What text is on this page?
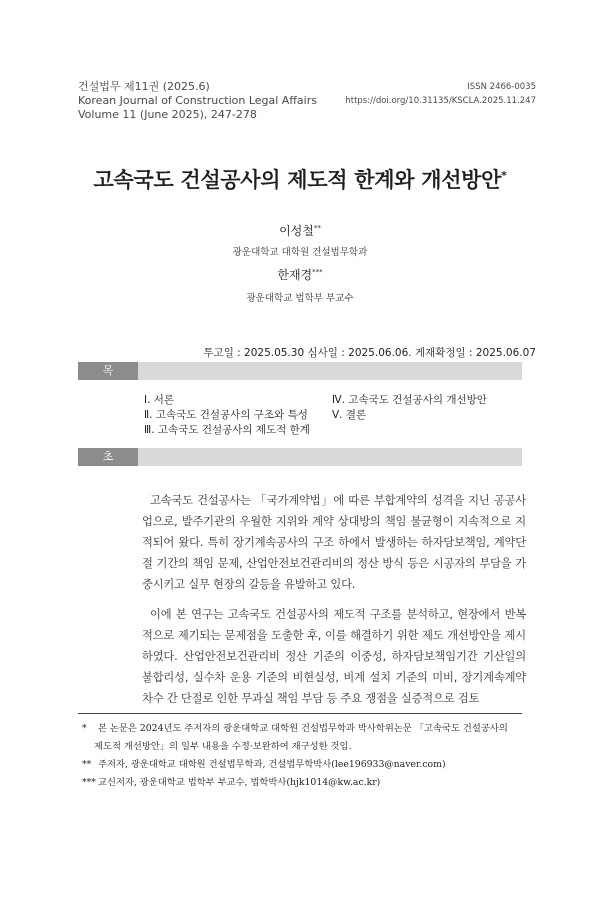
건설법무 제11권 (2025.6)
Korean Journal of Construction Legal Affairs
Volume 11 (June 2025), 247-278
ISSN 2466-0035
https://doi.org/10.31135/KSCLA.2025.11.247
고속국도 건설공사의 제도적 한계와 개선방안*
이성철**
광운대학교 대학원 건설법무학과
한재경***
광운대학교 법학부 부교수
투고일 : 2025.05.30 심사일 : 2025.06.06. 게재확정일 : 2025.06.07
목 차
Ⅰ. 서론
Ⅱ. 고속국도 건설공사의 구조와 특성
Ⅲ. 고속국도 건설공사의 제도적 한계
Ⅳ. 고속국도 건설공사의 개선방안
Ⅴ. 결론
초 록

고속국도 건설공사는 「국가계약법」에 따른 부합계약의 성격을 지닌 공공사업으로, 발주기관의 우월한 지위와 계약 상대방의 책임 불균형이 지속적으로 지적되어 왔다. 특히 장기계속공사의 구조 하에서 발생하는 하자담보책임, 계약단절 기간의 책임 문제, 산업안전보건관리비의 정산 방식 등은 시공자의 부담을 가중시키고 실무 현장의 갈등을 유발하고 있다.

이에 본 연구는 고속국도 건설공사의 제도적 구조를 분석하고, 현장에서 반복적으로 제기되는 문제점을 도출한 후, 이를 해결하기 위한 제도 개선방안을 제시하였다. 산업안전보건관리비 정산 기준의 이중성, 하자담보책임기간 기산일의 불합리성, 실수차 운용 기준의 비현실성, 비계 설치 기준의 미비, 장기계속계약 차수 간 단절로 인한 무과실 책임 부담 등 주요 쟁점을 실증적으로 검토

* 본 논문은 2024년도 주저자의 광운대학교 대학원 건설법무학과 박사학위논문 「고속국도 건설공사의
제도적 개선방안」의 일부 내용을 수정·보완하여 재구성한 것임.
** 주저자, 광운대학교 대학원 건설법무학과, 건설법무학박사(lee196933@naver.com)
*** 교신저자, 광운대학교 법학부 부교수, 법학박사(hjk1014@kw.ac.kr)
